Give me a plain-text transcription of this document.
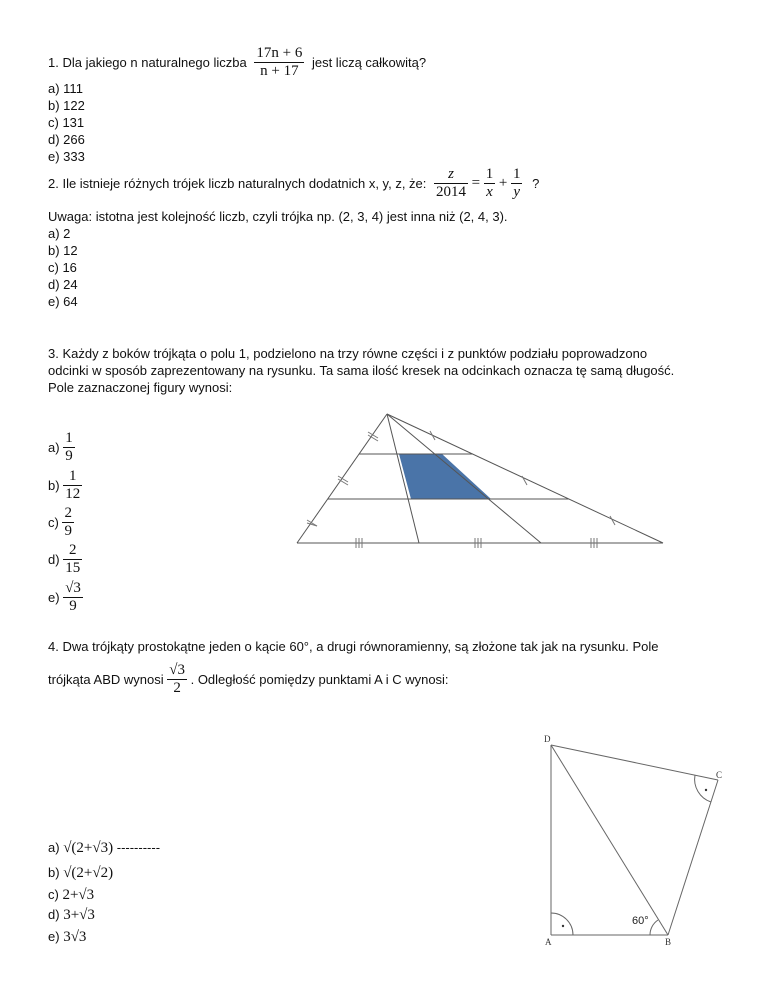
1. Dla jakiego n naturalnego liczba $\frac{17n + 6}{n + 17}$ jest liczą całkowitą?
a) 111
b) 122
c) 131
d) 266
e) 333
2. Ile istnieje różnych trójek liczb naturalnych dodatnich x, y, z, że: $\frac{z}{2014} = \frac{1}{x} + \frac{1}{y}$ ?
Uwaga: istotna jest kolejność liczb, czyli trójka np. (2, 3, 4) jest inna niż (2, 4, 3).
a) 2
b) 12
c) 16
d) 24
e) 64
3. Każdy z boków trójkąta o polu 1, podzielono na trzy równe części i z punktów podziału poprowadzono
odcinki w sposób zaprezentowany na rysunku. Ta sama ilość kresek na odcinkach oznacza tę samą długość.
Pole zaznaczonej figury wynosi:
$a) \frac{1}{9}$
$b) \frac{1}{12}$
$c) \frac{2}{9}$
$d) \frac{2}{15}$
$e) \frac{√3}{9}$
D
A	B
C
60°
4. Dwa trójkąty prostokątne jeden o kącie 60°, a drugi równoramienny, są złożone tak jak na rysunku. Pole
trójkąta ABD wynosi $\frac{√3}{2}$ . Odległość pomiędzy punktami A i C wynosi:
a) √(2+√3) ----------
b) √(2+√2)
c) 2+√3
d) 3+√3
e) 3√3
